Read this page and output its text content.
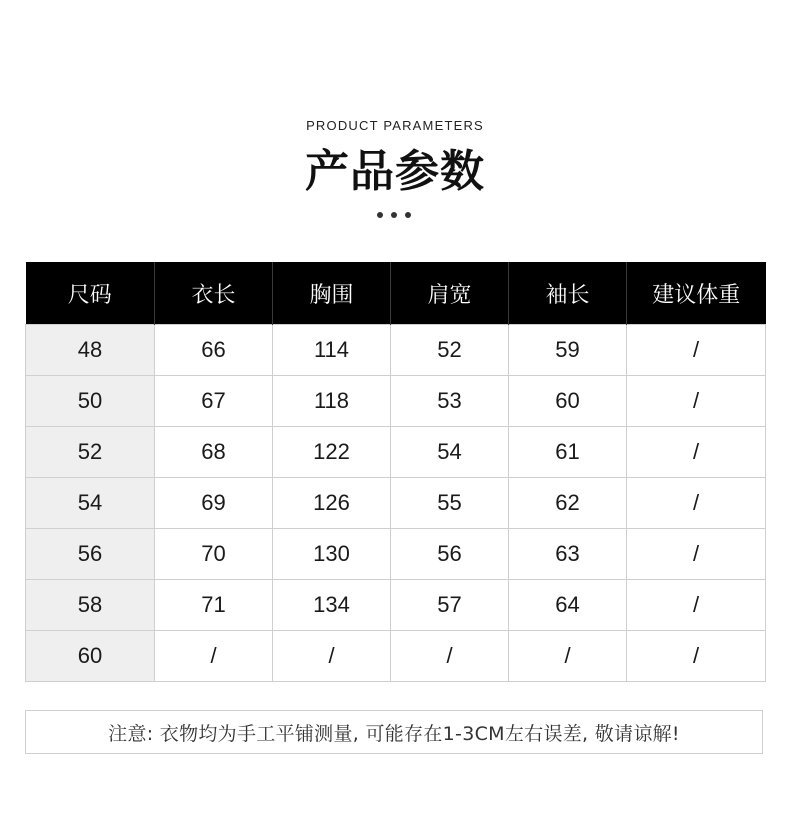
PRODUCT PARAMETERS
产品参数
尺码	衣长	胸围	肩宽	袖长	建议体重
48	66	114	52	59	/
50	67	118	53	60	/
52	68	122	54	61	/
54	69	126	55	62	/
56	70	130	56	63	/
58	71	134	57	64	/
60	/	/	/	/	/
注意: 衣物均为手工平铺测量, 可能存在1-3CM左右误差, 敬请谅解!
